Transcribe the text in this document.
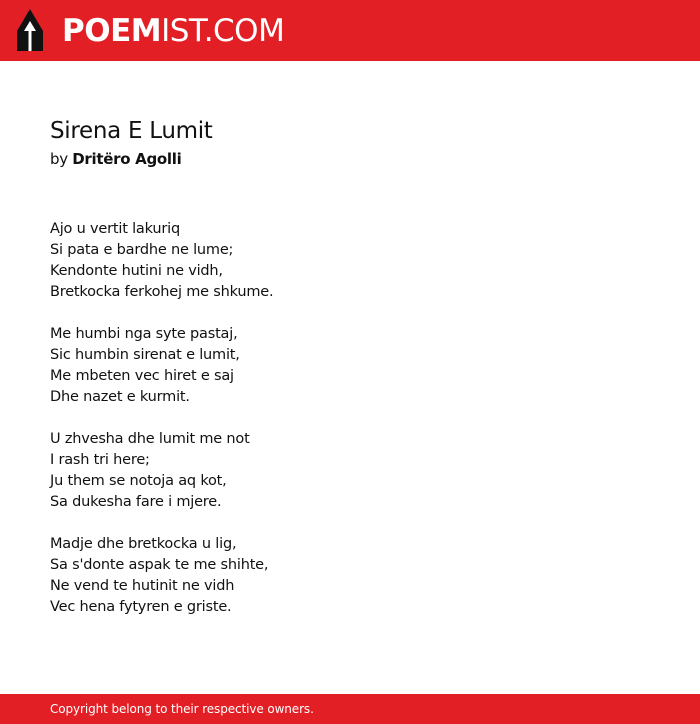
POEMIST.COM
Sirena E Lumit
by Dritëro Agolli
Ajo u vertit lakuriq
Si pata e bardhe ne lume;
Kendonte hutini ne vidh,
Bretkocka ferkohej me shkume.
Me humbi nga syte pastaj,
Sic humbin sirenat e lumit,
Me mbeten vec hiret e saj
Dhe nazet e kurmit.
U zhvesha dhe lumit me not
I rash tri here;
Ju them se notoja aq kot,
Sa dukesha fare i mjere.
Madje dhe bretkocka u lig,
Sa s'donte aspak te me shihte,
Ne vend te hutinit ne vidh
Vec hena fytyren e griste.
Copyright belong to their respective owners.
